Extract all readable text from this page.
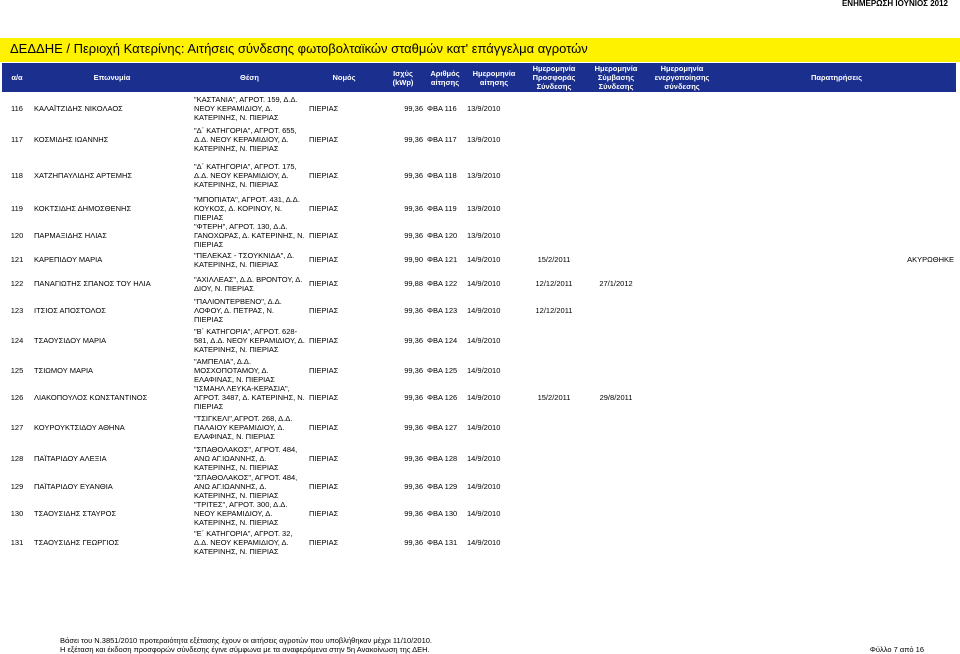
ΕΝΗΜΕΡΩΣΗ ΙΟΥΝΙΟΣ 2012
ΔΕΔΔΗΕ / Περιοχή Κατερίνης: Αιτήσεις σύνδεσης φωτοβολταϊκών σταθμών κατ' επάγγελμα αγροτών
α/α	Επωνυμία	Θέση	Νομός	Ισχύς (kWp)	Αριθμός αίτησης	Ημερομηνία αίτησης	Ημερομηνία Προσφοράς Σύνδεσης	Ημερομηνία Σύμβασης Σύνδεσης	Ημερομηνία ενεργοποίησης σύνδεσης	Παρατηρήσεις
116	ΚΑΛΑΪΤΖΙΔΗΣ ΝΙΚΟΛΑΟΣ	"ΚΑΣΤΑΝΙΑ", ΑΓΡΟΤ. 159, Δ.Δ. ΝΕΟΥ ΚΕΡΑΜΙΔΙΟΥ, Δ. ΚΑΤΕΡΙΝΗΣ, Ν. ΠΙΕΡΙΑΣ	ΠΙΕΡΙΑΣ	99,36	ΦΒΑ 116	13/9/2010				
117	ΚΟΣΜΙΔΗΣ ΙΩΑΝΝΗΣ	"Δ΄ ΚΑΤΗΓΟΡΙΑ", ΑΓΡΟΤ. 655, Δ.Δ. ΝΕΟΥ ΚΕΡΑΜΙΔΙΟΥ, Δ. ΚΑΤΕΡΙΝΗΣ, Ν. ΠΙΕΡΙΑΣ	ΠΙΕΡΙΑΣ	99,36	ΦΒΑ 117	13/9/2010				
118	ΧΑΤΖΗΠΑΥΛΙΔΗΣ ΑΡΤΕΜΗΣ	"Δ΄ ΚΑΤΗΓΟΡΙΑ", ΑΓΡΟΤ. 175, Δ.Δ. ΝΕΟΥ ΚΕΡΑΜΙΔΙΟΥ, Δ. ΚΑΤΕΡΙΝΗΣ, Ν. ΠΙΕΡΙΑΣ	ΠΙΕΡΙΑΣ	99,36	ΦΒΑ 118	13/9/2010				
119	ΚΟΚΤΣΙΔΗΣ ΔΗΜΟΣΘΕΝΗΣ	"ΜΠΟΠΙΑΤΑ", ΑΓΡΟΤ. 431, Δ.Δ. ΚΟΥΚΟΣ, Δ. ΚΟΡΙΝΟΥ, Ν. ΠΙΕΡΙΑΣ	ΠΙΕΡΙΑΣ	99,36	ΦΒΑ 119	13/9/2010				
120	ΠΑΡΜΑΞΙΔΗΣ ΗΛΙΑΣ	"ΦΤΕΡΗ", ΑΓΡΟΤ. 130, Δ.Δ. ΓΑΝΟΧΩΡΑΣ, Δ. ΚΑΤΕΡΙΝΗΣ, Ν. ΠΙΕΡΙΑΣ	ΠΙΕΡΙΑΣ	99,36	ΦΒΑ 120	13/9/2010				
121	ΚΑΡΕΠΙΔΟΥ ΜΑΡΙΑ	"ΠΕΛΕΚΑΣ - ΤΣΟΥΚΝΙΔΑ", Δ. ΚΑΤΕΡΙΝΗΣ, Ν. ΠΙΕΡΙΑΣ	ΠΙΕΡΙΑΣ	99,90	ΦΒΑ 121	14/9/2010	15/2/2011			ΑΚΥΡΩΘΗΚΕ
122	ΠΑΝΑΓΙΩΤΗΣ ΣΠΑΝΟΣ ΤΟΥ ΗΛΙΑ	"ΑΧΙΛΛΕΑΣ", Δ.Δ. ΒΡΟΝΤΟΥ, Δ. ΔΙΟΥ, Ν. ΠΙΕΡΙΑΣ	ΠΙΕΡΙΑΣ	99,88	ΦΒΑ 122	14/9/2010	12/12/2011	27/1/2012		
123	ΙΤΣΙΟΣ ΑΠΟΣΤΟΛΟΣ	"ΠΑΛΙΟΝΤΕΡΒΕΝΟ", Δ.Δ. ΛΟΦΟΥ, Δ. ΠΕΤΡΑΣ, Ν. ΠΙΕΡΙΑΣ	ΠΙΕΡΙΑΣ	99,36	ΦΒΑ 123	14/9/2010	12/12/2011			
124	ΤΣΑΟΥΣΙΔΟΥ ΜΑΡΙΑ	"Β΄ ΚΑΤΗΓΟΡΙΑ", ΑΓΡΟΤ. 628-581, Δ.Δ. ΝΕΟΥ ΚΕΡΑΜΙΔΙΟΥ, Δ. ΚΑΤΕΡΙΝΗΣ, Ν. ΠΙΕΡΙΑΣ	ΠΙΕΡΙΑΣ	99,36	ΦΒΑ 124	14/9/2010				
125	ΤΣΙΩΜΟΥ ΜΑΡΙΑ	"ΑΜΠΕΛΙΑ", Δ.Δ. ΜΟΣΧΟΠΟΤΑΜΟΥ, Δ. ΕΛΑΦΙΝΑΣ, Ν. ΠΙΕΡΙΑΣ	ΠΙΕΡΙΑΣ	99,36	ΦΒΑ 125	14/9/2010				
126	ΛΙΑΚΟΠΟΥΛΟΣ ΚΩΝΣΤΑΝΤΙΝΟΣ	"ΙΣΜΑΗΛ ΛΕΥΚΑ-ΚΕΡΑΣΙΑ", ΑΓΡΟΤ. 3487, Δ. ΚΑΤΕΡΙΝΗΣ, Ν. ΠΙΕΡΙΑΣ	ΠΙΕΡΙΑΣ	99,36	ΦΒΑ 126	14/9/2010	15/2/2011	29/8/2011		
127	ΚΟΥΡΟΥΚΤΣΙΔΟΥ ΑΘΗΝΑ	"ΤΣΙΓΚΕΛΙ",ΑΓΡΟΤ. 268, Δ.Δ. ΠΑΛΑΙΟΥ ΚΕΡΑΜΙΔΙΟΥ, Δ. ΕΛΑΦΙΝΑΣ, Ν. ΠΙΕΡΙΑΣ	ΠΙΕΡΙΑΣ	99,36	ΦΒΑ 127	14/9/2010				
128	ΠΑΪΤΑΡΙΔΟΥ ΑΛΕΞΙΑ	"ΣΠΑΘΟΛΑΚΟΣ", ΑΓΡΟΤ. 484, ΑΝΩ ΑΓ.ΙΩΑΝΝΗΣ, Δ. ΚΑΤΕΡΙΝΗΣ, Ν. ΠΙΕΡΙΑΣ	ΠΙΕΡΙΑΣ	99,36	ΦΒΑ 128	14/9/2010				
129	ΠΑΪΤΑΡΙΔΟΥ ΕΥΑΝΘΙΑ	"ΣΠΑΘΟΛΑΚΟΣ", ΑΓΡΟΤ. 484, ΑΝΩ ΑΓ.ΙΩΑΝΝΗΣ, Δ. ΚΑΤΕΡΙΝΗΣ, Ν. ΠΙΕΡΙΑΣ	ΠΙΕΡΙΑΣ	99,36	ΦΒΑ 129	14/9/2010				
130	ΤΣΑΟΥΣΙΔΗΣ ΣΤΑΥΡΟΣ	"ΤΡΙΤΕΣ", ΑΓΡΟΤ. 300, Δ.Δ. ΝΕΟΥ ΚΕΡΑΜΙΔΙΟΥ, Δ. ΚΑΤΕΡΙΝΗΣ, Ν. ΠΙΕΡΙΑΣ	ΠΙΕΡΙΑΣ	99,36	ΦΒΑ 130	14/9/2010				
131	ΤΣΑΟΥΣΙΔΗΣ ΓΕΩΡΓΙΟΣ	"Ε΄ ΚΑΤΗΓΟΡΙΑ", ΑΓΡΟΤ. 32, Δ.Δ. ΝΕΟΥ ΚΕΡΑΜΙΔΙΟΥ, Δ. ΚΑΤΕΡΙΝΗΣ, Ν. ΠΙΕΡΙΑΣ	ΠΙΕΡΙΑΣ	99,36	ΦΒΑ 131	14/9/2010				
Βάσει του Ν.3851/2010 προτεραιότητα εξέτασης έχουν οι αιτήσεις αγροτών που υποβλήθηκαν μέχρι 11/10/2010.
Η εξέταση και έκδοση προσφορών σύνδεσης έγινε σύμφωνα με τα αναφερόμενα στην 5η Ανακοίνωση της ΔΕΗ.	Φύλλο 7 από 16
